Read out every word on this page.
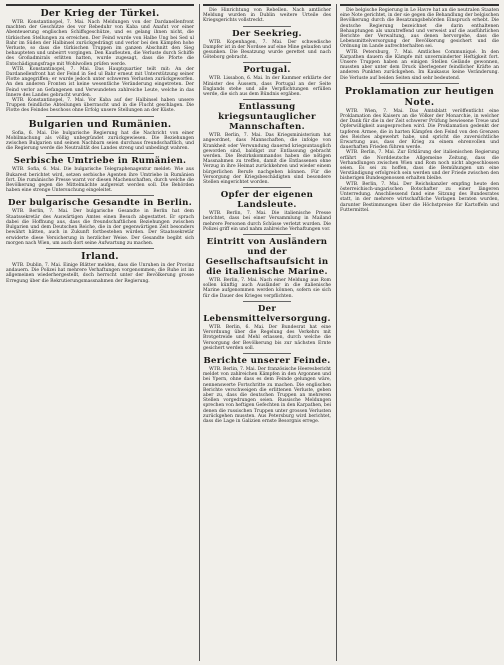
Der Krieg der Türkei.

WTB. Konstantinopel, 7. Mai. Nach Meldungen von der Dardanellenfront machten der Geschütze des vor Rebeduhr von Kaba und Anafut vor einer Abenteuerung englischen Schiffsgeschütze, und es gelang ihnen nicht, die türkischen Stellungen zu erreichen. Der Feind wurde von Halbe Ung bei Sed ul Bahr im Süden der Halbinsel zurückgedrängt und verlor bei den Kämpfen hohe Verluste, so dass die türkischen Truppen im ganzen Abschnitt den Sieg behaupteten und unbeirrt vorgingen. Den Kaufleuten, die Verluste durch Schiffe des Großadmirals erlitten hatten, wurde zugesagt, dass die Pforte die Entschädigungsfrage mit Wohlwollen prüfen werde.

WTB. Konstantinopel, 7. Mai. Das Hauptquartier teilt mit: An der Dardanellenfront hat der Feind in Sed ul Bahr erneut mit Unterstützung seiner Flotte angegriffen; er wurde jedoch unter schweren Verlusten zurückgeworfen. An den anderen Fronten ist keine wesentliche Veränderung eingetreten. Der Feind verlor an Gefangenen und Verwundeten zahlreiche Leute, welche in das Innere des Landes gebracht wurden.

WTB. Konstantinopel, 7. Mai. Vor Kaba auf der Halbinsel haben unsere Truppen feindliche Abteilungen überrascht und in die Flucht geschlagen. Die Flotte des Feindes beschoss ohne Erfolg unsere Stellungen an der Küste.

Bulgarien und Rumänien.

Sofia, 6. Mai. Die bulgarische Regierung hat die Nachricht von einer Mobilmachung als völlig unbegründet zurückgewiesen. Die Beziehungen zwischen Bulgarien und seinen Nachbarn seien durchaus freundschaftlich, und die Regierung werde die Neutralität des Landes streng und unbedingt wahren.

Serbische Umtriebe in Rumänien.

WTB. Sofia, 6. Mai. Die bulgarische Telegraphenagentur meldet: Wie aus Bukarest berichtet wird, setzen serbische Agenten ihre Umtriebe in Rumänien fort. Die rumänische Presse warnt vor diesen Machenschaften, durch welche die Bevölkerung gegen die Mittelmächte aufgereizt werden soll. Die Behörden haben eine strenge Untersuchung eingeleitet.

Der bulgarische Gesandte in Berlin.

WTB. Berlin, 7. Mai. Der bulgarische Gesandte in Berlin hat dem Staatssekretär des Auswärtigen Amtes einen Besuch abgestattet. Er sprach dabei die Hoffnung aus, dass die freundschaftlichen Beziehungen zwischen Bulgarien und dem Deutschen Reiche, die in der gegenwärtigen Zeit besonders bewährt hätten, auch in Zukunft fortbestehen würden. Der Staatssekretär erwiderte diese Versicherung in herzlicher Weise. Der Gesandte begibt sich morgen nach Wien, um auch dort seine Aufwartung zu machen.

Irland.

WTB. Dublin, 7. Mai. Einige Blätter melden, dass die Unruhen in der Provinz andauern. Die Polizei hat mehrere Verhaftungen vorgenommen; die Ruhe ist im allgemeinen wiederhergestellt, doch herrscht unter der Bevölkerung grosse Erregung über die Rekrutierungsmassnahmen der Regierung.

Die Hinrichtung von Rebellen. Nach amtlicher Meldung wurden in Dublin weitere Urteile des Kriegsgerichts vollstreckt.

Der Seekrieg.

WTB. Kopenhagen, 7. Mai. Der schwedische Dampfer ist in der Nordsee auf eine Mine gelaufen und gesunken. Die Besatzung wurde gerettet und nach Göteborg gebracht.

Portugal.

WTB. Lissabon, 6. Mai. In der Kammer erklärte der Minister des Äussern, dass Portugal an der Seite Englands stehe und alle Verpflichtungen erfüllen werde, die sich aus dem Bündnis ergäben.

Entlassung kriegsuntauglicher Mannschaften.

WTB. Berlin, 7. Mai. Das Kriegsministerium hat angeordnet, dass Mannschaften, die infolge von Krankheit oder Verwundung dauernd kriegsuntauglich geworden sind, baldigst zur Entlassung gebracht werden. Die Bezirkskommandos haben die nötigen Massnahmen zu treffen, damit die Entlassenen ohne Verzug in ihre Heimat zurückkehren und wieder einem bürgerlichen Berufe nachgehen können. Für die Versorgung der Kriegsbeschädigten sind besondere Stellen eingerichtet worden.

Opfer der eigenen Landsleute.

WTB. Berlin, 7. Mai. Die italienische Presse berichtet, dass bei einer Versammlung in Mailand mehrere Personen durch Schüsse verletzt wurden. Die Polizei griff ein und nahm zahlreiche Verhaftungen vor.

Eintritt von Ausländern und der Gesellschaftsaufsicht in die italienische Marine.

WTB. Berlin, 7. Mai. Nach einer Meldung aus Rom sollen künftig auch Ausländer in die italienische Marine aufgenommen werden können, sofern sie sich für die Dauer des Krieges verpflichten.

Der Lebensmittelversorgung.

WTB. Berlin, 6. Mai. Der Bundesrat hat eine Verordnung über die Regelung des Verkehrs mit Brotgetreide und Mehl erlassen, durch welche die Versorgung der Bevölkerung bis zur nächsten Ernte gesichert werden soll.

Berichte unserer Feinde.

WTB. Berlin, 7. Mai. Der französische Heeresbericht meldet von zahlreichen Kämpfen in den Argonnen und bei Ypern, ohne dass es dem Feinde gelungen wäre, nennenswerte Fortschritte zu machen. Die englischen Berichte verschweigen die erlittenen Verluste, geben aber zu, dass die deutschen Truppen an mehreren Stellen vorgedrungen seien. Russische Meldungen sprechen von heftigen Gefechten in den Karpathen, bei denen die russischen Truppen unter grossen Verlusten zurückgehen mussten. Aus Petersburg wird berichtet, dass die Lage in Galizien ernste Besorgnis errege.

Die belgische Regierung in Le Havre hat an die neutralen Staaten eine Note gerichtet, in der sie gegen die Behandlung der belgischen Bevölkerung durch die Besatzungsbehörden Einspruch erhebt. Die deutsche Regierung bezeichnet die darin enthaltenen Behauptungen als unzutreffend und verweist auf die ausführlichen Berichte der Verwaltung, aus denen hervorgehe, dass die Lebensmittelversorgung der Bevölkerung gesichert und die Ordnung im Lande aufrechterhalten sei.

WTB. Petersburg, 7. Mai. Amtliches Communiqué. In den Karpathen dauern die Kämpfe mit unverminderter Heftigkeit fort. Unsere Truppen haben an einigen Stellen Gelände gewonnen, mussten aber unter dem Druck überlegener feindlicher Kräfte an anderen Punkten zurückgehen. Im Kaukasus keine Veränderung. Die Verluste auf beiden Seiten sind sehr bedeutend.

Proklamation zur heutigen Note.

WTB. Wien, 7. Mai. Das Amtsblatt veröffentlicht eine Proklamation des Kaisers an die Völker der Monarchie, in welcher der Dank für die in der Zeit schwerer Prüfung bewiesene Treue und Opferwilligkeit ausgesprochen wird. Die Proklamation gedenkt der tapferen Armee, die in harten Kämpfen den Feind von den Grenzen des Reiches abgewehrt habe, und spricht die zuversichtliche Erwartung aus, dass der Krieg zu einem ehrenvollen und dauerhaften Frieden führen werde.

WTB. Berlin, 7. Mai. Zur Erklärung der italienischen Regierung erfährt die Norddeutsche Allgemeine Zeitung, dass die Verhandlungen zwischen Wien und Rom noch nicht abgeschlossen seien. Es sei zu hoffen, dass die Bemühungen um eine Verständigung erfolgreich sein werden und der Friede zwischen den bisherigen Bundesgenossen erhalten bleibe.

WTB. Berlin, 7. Mai. Der Reichskanzler empfing heute den österreichisch-ungarischen Botschafter zu einer längeren Unterredung. Anschliessend fand eine Sitzung des Bundesrates statt, in der mehrere wirtschaftliche Vorlagen beraten wurden, darunter Bestimmungen über die Höchstpreise für Kartoffeln und Futtermittel.
